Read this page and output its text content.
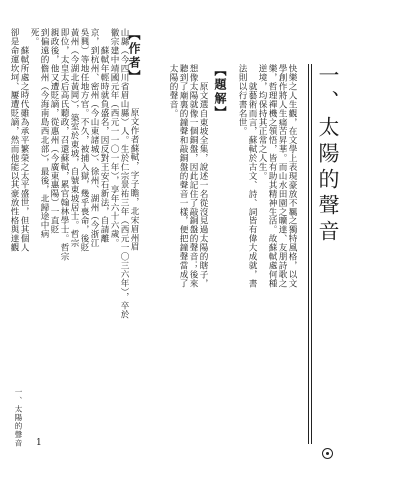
一、太陽的聲音
快樂之人生觀，在文學上表現豪放不羈之獨特風格，以文
學創作將人生痛苦昇華。而山水田園之曠達、友朋詩歌之
樂，哲理禪機之領悟，皆有助其精神生活。故蘇軾處何種
逆境，均保持其正常之人生。
　　就藝術而言，蘇軾於古文、詩、詞皆有偉大成就，書
法則以行書名世。
【題解】
　　原文選自東坡全集，說述一名從沒見過太陽的瞎子，
想像太陽就像一個銅盤，因此記住了敲銅盤的聲音；後來
聽到了廟裏的鐘聲和敲銅盤的聲音一樣，便把鐘聲當成了
太陽的聲音。
【作者】
　　原文作者蘇軾，字子瞻，北宋眉州眉
山縣（今四川省眉山縣）人。生於仁宗景祐三年（西元一〇三六年），卒於
徽宗建中靖國元年（西元一一〇一年），享年六十六歲。
　　蘇軾年輕時就負盛名，因反對王安石新法，自請離
京，到杭州、密州（今山東諸城）、徐州、湖州（今浙江
吳興）等地任地方官。不久，被捕入獄，幾乎喪命，後貶
黃州（今湖北黃岡），築室於東坡，自號東坡居士。哲宗
即位，太皇太后高氏聽政，召還蘇軾，累官翰林學士。哲宗
親政後，他又遭貶謫，從惠州（今廣東惠陽）一直貶
到偏遠的儋州（今海南島西北部），最後，北歸途中病
死。
　　蘇軾所處之時代雖為承平繁榮之太平盛世，但其個人
卻是命運坎坷、屢遭貶謫，然而他能以其豪放性格與達觀
一、太陽的聲音 1
